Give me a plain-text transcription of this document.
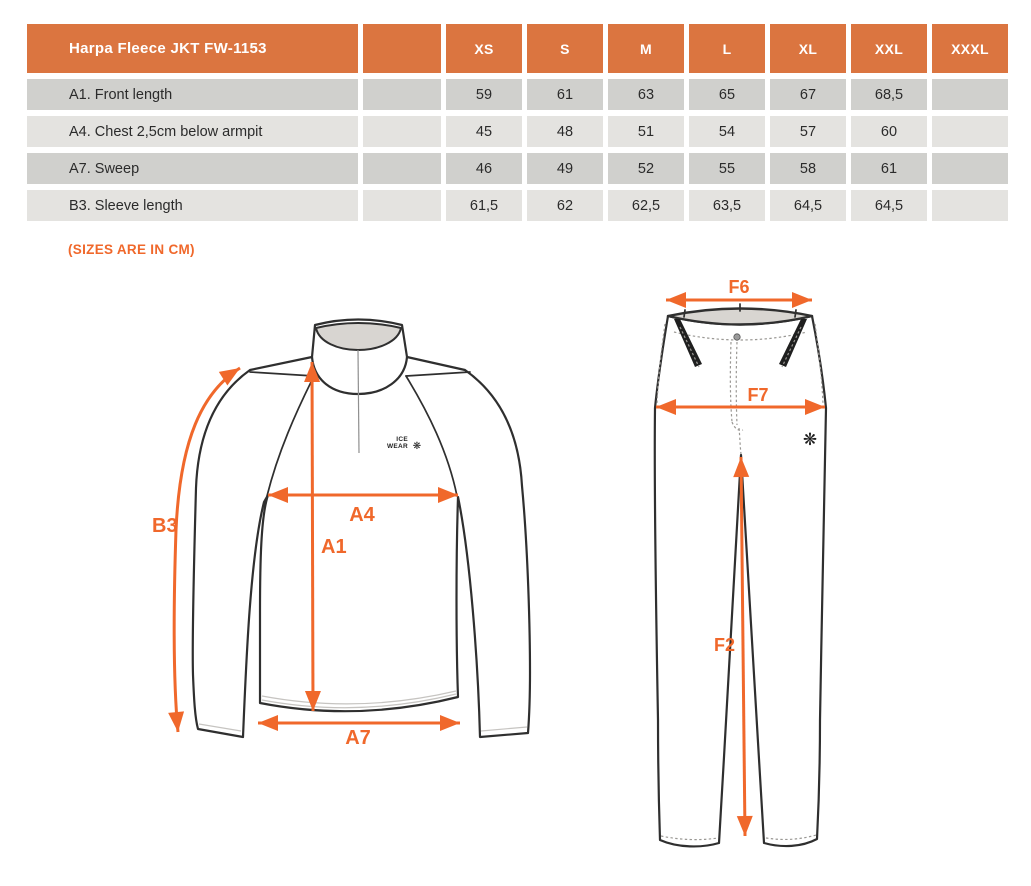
Harpa Fleece JKT FW-1153	XS	S	M	L	XL	XXL	XXXL
A1. Front length	59	61	63	65	67	68,5
A4. Chest 2,5cm below armpit	45	48	51	54	57	60
A7. Sweep	46	49	52	55	58	61
B3. Sleeve length	61,5	62	62,5	63,5	64,5	64,5
(SIZES ARE IN CM)
ICE
WEAR ❋
B3	A4
A1
A7
❋
F6
F7
F2
